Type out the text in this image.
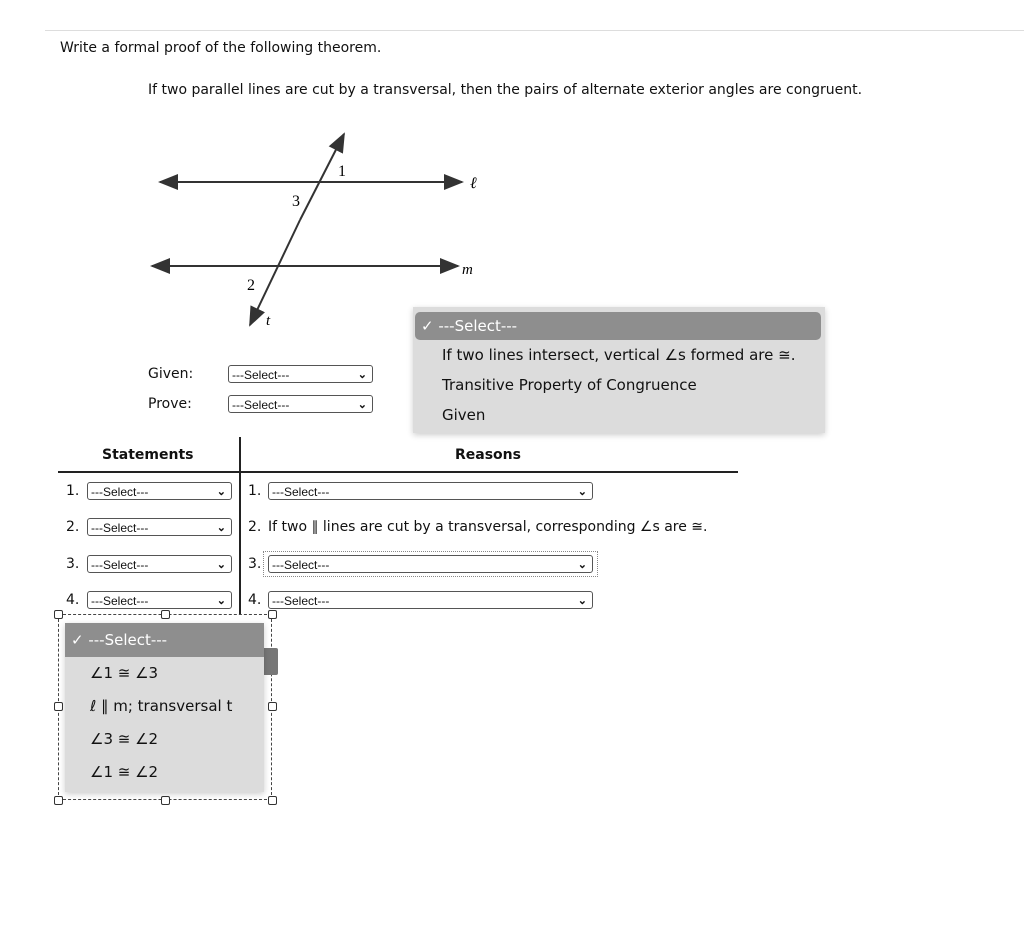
Write a formal proof of the following theorem.
If two parallel lines are cut by a transversal, then the pairs of alternate exterior angles are congruent.
1
3
2
ℓ
m
t
Given:	---Select---	⌄
Prove:	---Select---	⌄
Statements	Reasons
1. ---Select---	⌄ 1. ---Select---	⌄
2. ---Select---	⌄ 2. If two ∥ lines are cut by a transversal, corresponding ∠s are ≅.
3. ---Select---	⌄ 3. ---Select---	⌄
4. ---Select---	⌄ 4. ---Select---	⌄
✓ ---Select---
If two lines intersect, vertical ∠s formed are ≅.
Transitive Property of Congruence
Given
✓ ---Select---
∠1 ≅ ∠3
ℓ ∥ m; transversal t
∠3 ≅ ∠2
∠1 ≅ ∠2
